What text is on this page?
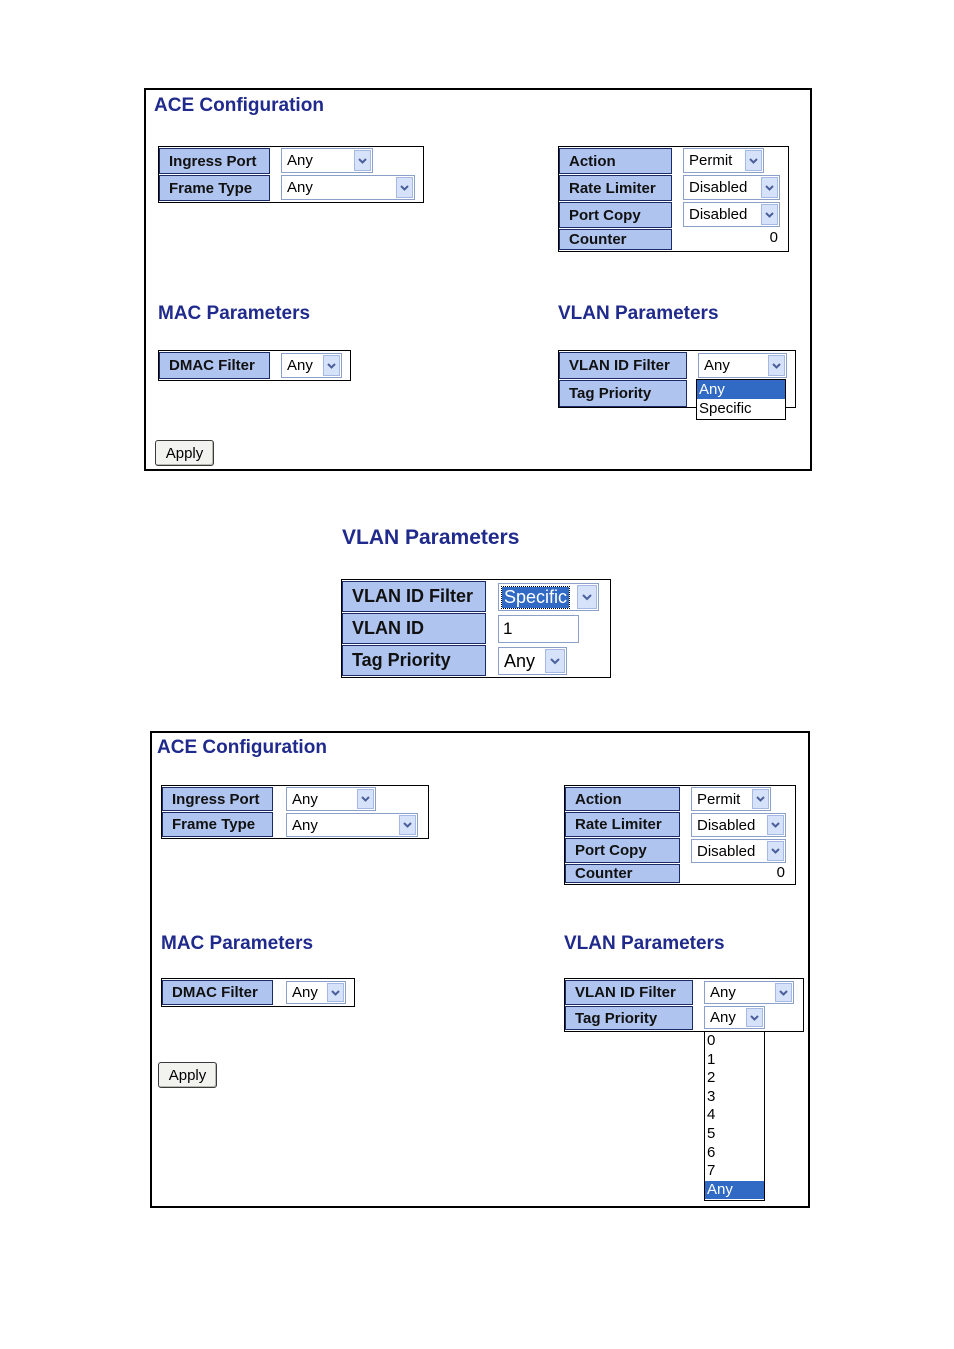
ACE Configuration
Ingress Port	Any
Frame Type	Any
Action	Permit
Rate Limiter	Disabled
Port Copy	Disabled
Counter	0
MAC Parameters
DMAC Filter	Any
VLAN Parameters
VLAN ID Filter	Any
Tag Priority	Any
Specific
Apply
VLAN Parameters
VLAN ID Filter	Specific
VLAN ID	1
Tag Priority	Any
ACE Configuration
Ingress Port	Any
Frame Type	Any
Action	Permit
Rate Limiter	Disabled
Port Copy	Disabled
Counter	0
MAC Parameters
DMAC Filter	Any
VLAN Parameters
VLAN ID Filter	Any
Tag Priority	Any
0
1
2
3
4
5
6
7
Any
Apply
